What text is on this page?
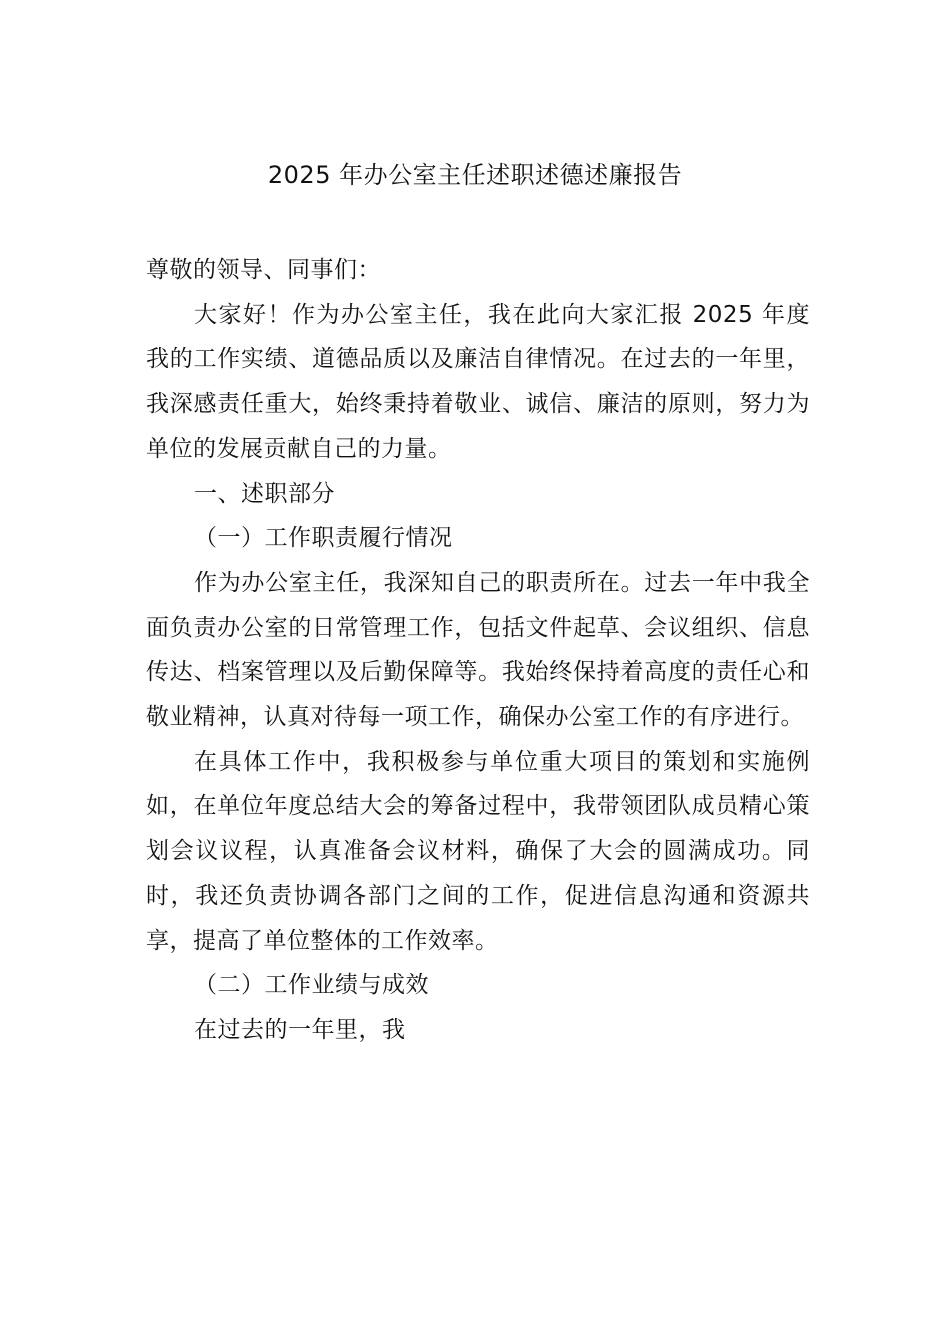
2025 年办公室主任述职述德述廉报告

尊敬的领导、同事们：

大家好！作为办公室主任，我在此向大家汇报 2025 年度我的工作实绩、道德品质以及廉洁自律情况。在过去的一年里，我深感责任重大，始终秉持着敬业、诚信、廉洁的原则，努力为单位的发展贡献自己的力量。

一、述职部分

（一）工作职责履行情况

作为办公室主任，我深知自己的职责所在。过去一年中我全面负责办公室的日常管理工作，包括文件起草、会议组织、信息传达、档案管理以及后勤保障等。我始终保持着高度的责任心和敬业精神，认真对待每一项工作，确保办公室工作的有序进行。

在具体工作中，我积极参与单位重大项目的策划和实施例如，在单位年度总结大会的筹备过程中，我带领团队成员精心策划会议议程，认真准备会议材料，确保了大会的圆满成功。同时，我还负责协调各部门之间的工作，促进信息沟通和资源共享，提高了单位整体的工作效率。

（二）工作业绩与成效

在过去的一年里，我
